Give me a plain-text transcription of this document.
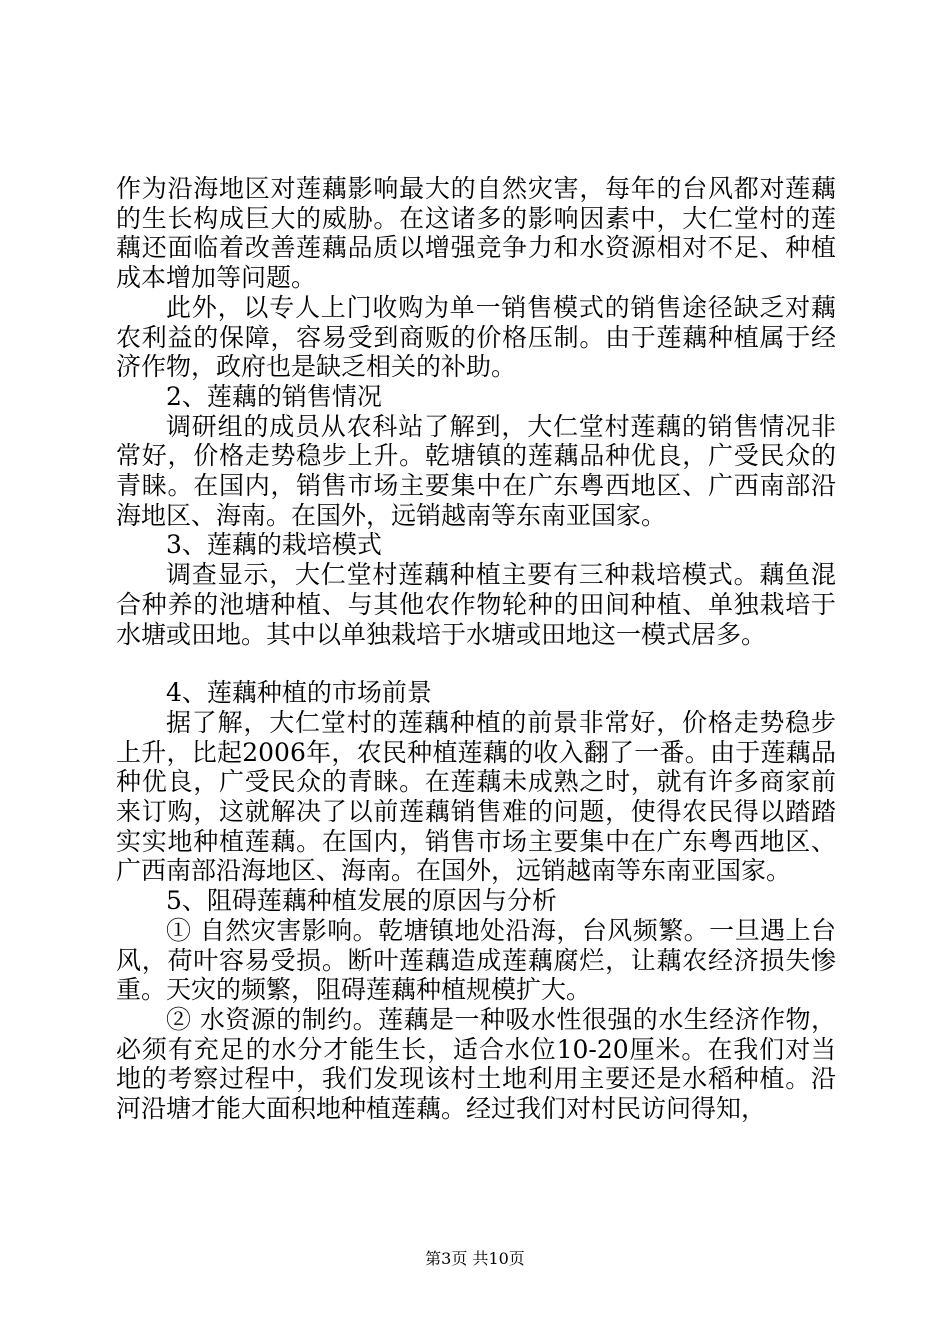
作为沿海地区对莲藕影响最大的自然灾害，每年的台风都对莲藕的生长构成巨大的威胁。在这诸多的影响因素中，大仁堂村的莲藕还面临着改善莲藕品质以增强竞争力和水资源相对不足、种植成本增加等问题。

此外，以专人上门收购为单一销售模式的销售途径缺乏对藕农利益的保障，容易受到商贩的价格压制。由于莲藕种植属于经济作物，政府也是缺乏相关的补助。

2、莲藕的销售情况

调研组的成员从农科站了解到，大仁堂村莲藕的销售情况非常好，价格走势稳步上升。乾塘镇的莲藕品种优良，广受民众的青睐。在国内，销售市场主要集中在广东粤西地区、广西南部沿海地区、海南。在国外，远销越南等东南亚国家。

3、莲藕的栽培模式

调查显示，大仁堂村莲藕种植主要有三种栽培模式。藕鱼混合种养的池塘种植、与其他农作物轮种的田间种植、单独栽培于水塘或田地。其中以单独栽培于水塘或田地这一模式居多。

4、莲藕种植的市场前景

据了解，大仁堂村的莲藕种植的前景非常好，价格走势稳步上升，比起2006年，农民种植莲藕的收入翻了一番。由于莲藕品种优良，广受民众的青睐。在莲藕未成熟之时，就有许多商家前来订购，这就解决了以前莲藕销售难的问题，使得农民得以踏踏实实地种植莲藕。在国内，销售市场主要集中在广东粤西地区、广西南部沿海地区、海南。在国外，远销越南等东南亚国家。

5、阻碍莲藕种植发展的原因与分析

① 自然灾害影响。乾塘镇地处沿海，台风频繁。一旦遇上台风，荷叶容易受损。断叶莲藕造成莲藕腐烂，让藕农经济损失惨重。天灾的频繁，阻碍莲藕种植规模扩大。

② 水资源的制约。莲藕是一种吸水性很强的水生经济作物，必须有充足的水分才能生长，适合水位10-20厘米。在我们对当地的考察过程中，我们发现该村土地利用主要还是水稻种植。沿河沿塘才能大面积地种植莲藕。经过我们对村民访问得知，

第3页 共10页
